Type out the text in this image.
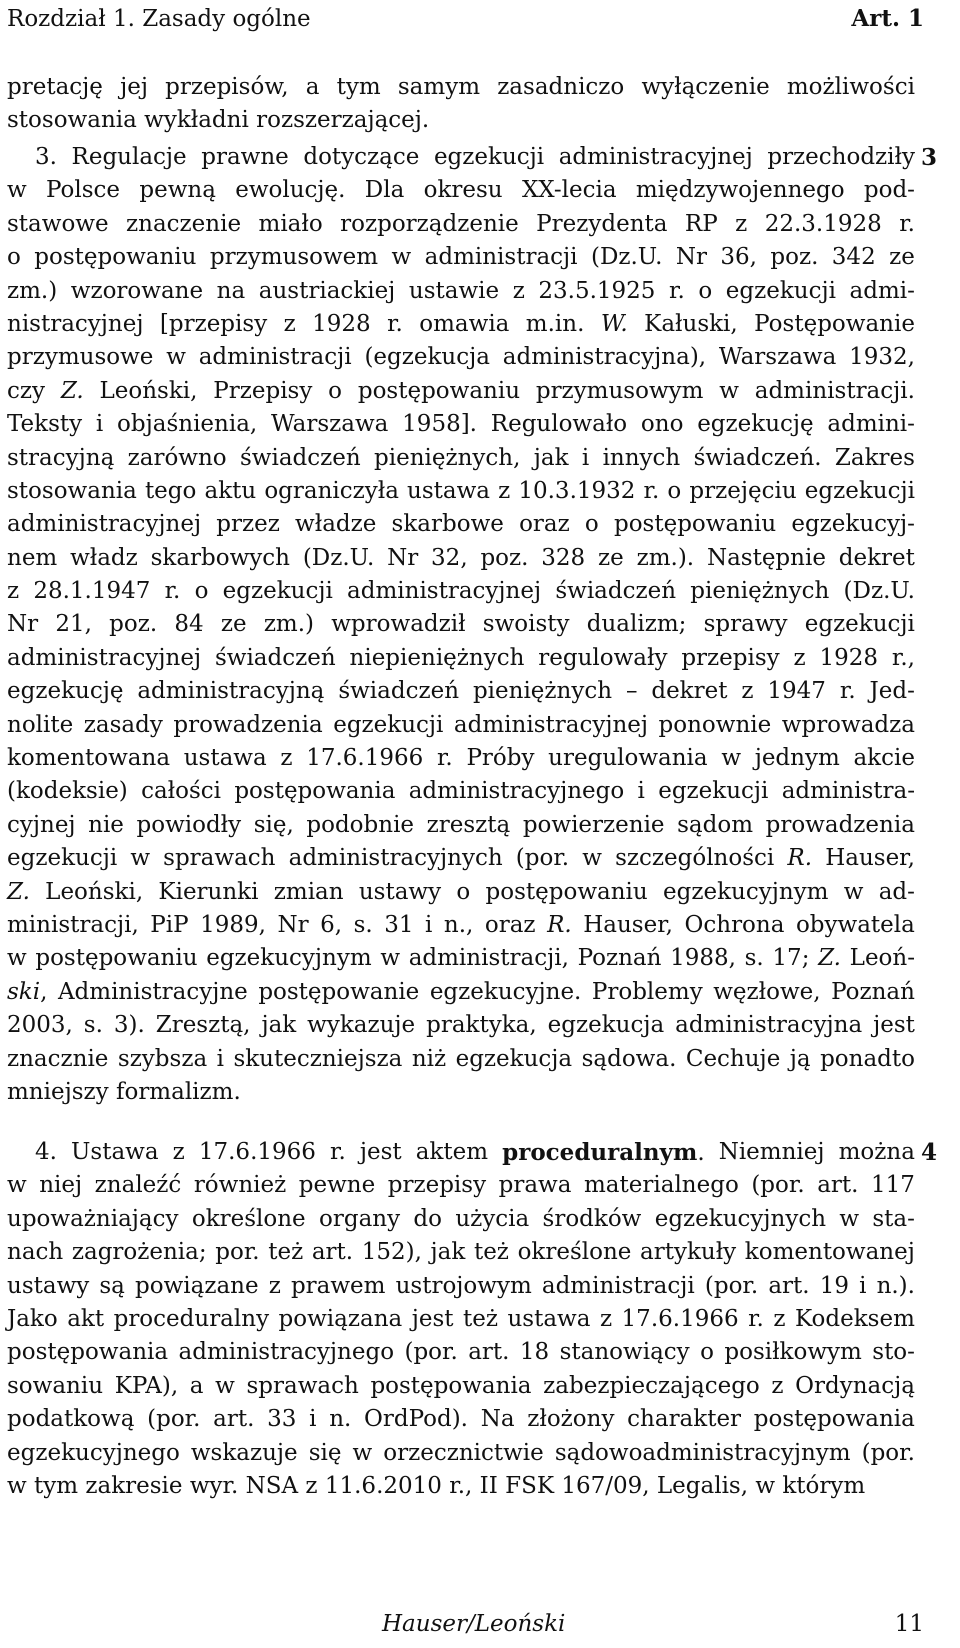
Rozdział 1. Zasady ogólne	Art. 1
pretację jej przepisów, a tym samym zasadniczo wyłączenie możliwości
stosowania wykładni rozszerzającej.
3. Regulacje prawne dotyczące egzekucji administracyjnej przechodziły
w Polsce pewną ewolucję. Dla okresu XX-lecia międzywojennego pod-
stawowe znaczenie miało rozporządzenie Prezydenta RP z 22.3.1928 r.
o postępowaniu przymusowem w administracji (Dz.U. Nr 36, poz. 342 ze
zm.) wzorowane na austriackiej ustawie z 23.5.1925 r. o egzekucji admi-
nistracyjnej [przepisy z 1928 r. omawia m.in. W. Kałuski, Postępowanie
przymusowe w administracji (egzekucja administracyjna), Warszawa 1932,
czy Z. Leoński, Przepisy o postępowaniu przymusowym w administracji.
Teksty i objaśnienia, Warszawa 1958]. Regulowało ono egzekucję admini-
stracyjną zarówno świadczeń pieniężnych, jak i innych świadczeń. Zakres
stosowania tego aktu ograniczyła ustawa z 10.3.1932 r. o przejęciu egzekucji
administracyjnej przez władze skarbowe oraz o postępowaniu egzekucyj-
nem władz skarbowych (Dz.U. Nr 32, poz. 328 ze zm.). Następnie dekret
z 28.1.1947 r. o egzekucji administracyjnej świadczeń pieniężnych (Dz.U.
Nr 21, poz. 84 ze zm.) wprowadził swoisty dualizm; sprawy egzekucji
administracyjnej świadczeń niepieniężnych regulowały przepisy z 1928 r.,
egzekucję administracyjną świadczeń pieniężnych – dekret z 1947 r. Jed-
nolite zasady prowadzenia egzekucji administracyjnej ponownie wprowadza
komentowana ustawa z 17.6.1966 r. Próby uregulowania w jednym akcie
(kodeksie) całości postępowania administracyjnego i egzekucji administra-
cyjnej nie powiodły się, podobnie zresztą powierzenie sądom prowadzenia
egzekucji w sprawach administracyjnych (por. w szczególności R. Hauser,
Z. Leoński, Kierunki zmian ustawy o postępowaniu egzekucyjnym w ad-
ministracji, PiP 1989, Nr 6, s. 31 i n., oraz R. Hauser, Ochrona obywatela
w postępowaniu egzekucyjnym w administracji, Poznań 1988, s. 17; Z. Leoń-
ski, Administracyjne postępowanie egzekucyjne. Problemy węzłowe, Poznań
2003, s. 3). Zresztą, jak wykazuje praktyka, egzekucja administracyjna jest
znacznie szybsza i skuteczniejsza niż egzekucja sądowa. Cechuje ją ponadto
mniejszy formalizm.
3
4. Ustawa z 17.6.1966 r. jest aktem proceduralnym. Niemniej można
w niej znaleźć również pewne przepisy prawa materialnego (por. art. 117
upoważniający określone organy do użycia środków egzekucyjnych w sta-
nach zagrożenia; por. też art. 152), jak też określone artykuły komentowanej
ustawy są powiązane z prawem ustrojowym administracji (por. art. 19 i n.).
Jako akt proceduralny powiązana jest też ustawa z 17.6.1966 r. z Kodeksem
postępowania administracyjnego (por. art. 18 stanowiący o posiłkowym sto-
sowaniu KPA), a w sprawach postępowania zabezpieczającego z Ordynacją
podatkową (por. art. 33 i n. OrdPod). Na złożony charakter postępowania
egzekucyjnego wskazuje się w orzecznictwie sądowoadministracyjnym (por.
w tym zakresie wyr. NSA z 11.6.2010 r., II FSK 167/09, Legalis, w którym
4
Hauser/Leoński	11
